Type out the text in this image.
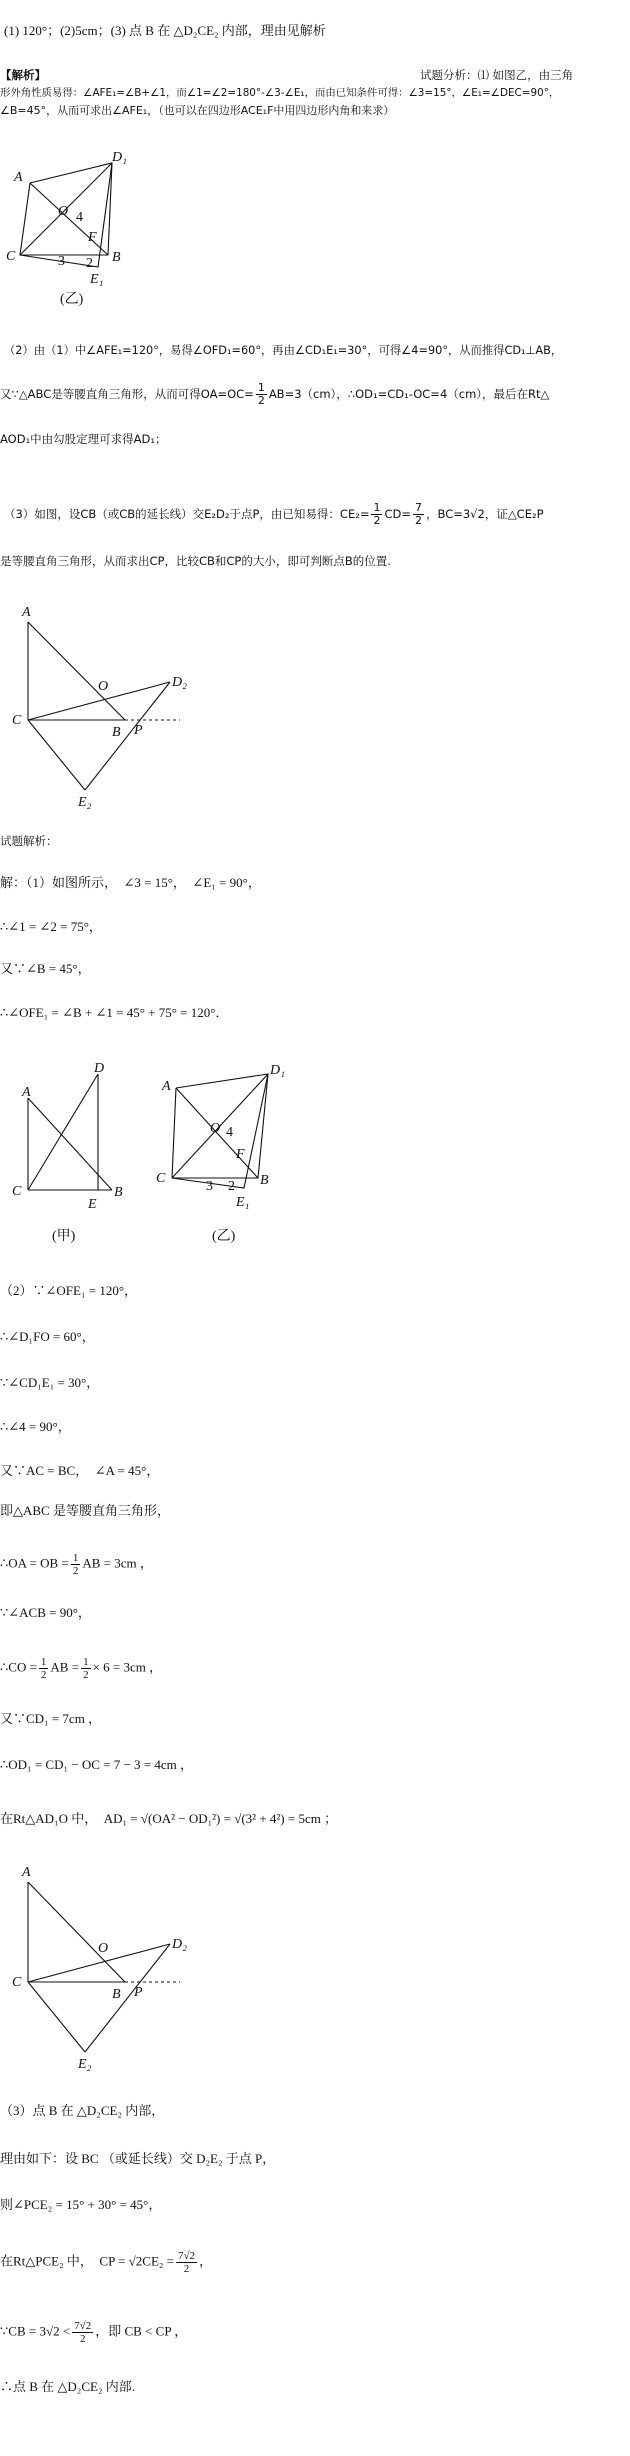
(1) 120°；(2)5cm；(3) 点 B 在 △D₂CE₂ 内部，理由见解析
【解析】	试题分析：⑴ 如图乙，由三角
形外角性质易得：∠AFE₁=∠B+∠1，而∠1=∠2=180°-∠3-∠E₁，而由已知条件可得：∠3=15°，∠E₁=∠DEC=90°，
∠B=45°，从而可求出∠AFE₁，（也可以在四边形ACE₁F中用四边形内角和来求）
A
D₁
O 4
F
C	B
3 2
E₁
(乙)
（2）由（1）中∠AFE₁=120°，易得∠OFD₁=60°，再由∠CD₁E₁=30°，可得∠4=90°，从而推得CD₁⊥AB，
又∵△ABC是等腰直角三角形，从而可得$OA=OC= \frac{1}{2} AB=3(cm)$，∴OD₁=CD₁-OC=4（cm），最后在Rt△
AOD₁中由勾股定理可求得AD₁；
（3）如图，设CB（或CB的延长线）交E₂D₂于点P，由已知易得：$CE_2= \frac{1}{2} CD= \frac{7}{2}$ ，BC=3√2，证△CE₂P
是等腰直角三角形，从而求出CP，比较CB和CP的大小，即可判断点B的位置.
A
O	D₂
C
B P
E₂
试题解析：
解：（1）如图所示，　∠3 = 15°，　∠E₁ = 90°，
∴∠1 = ∠2 = 75°，
又∵∠B = 45°，
∴∠OFE₁ = ∠B + ∠1 = 45° + 75° = 120°．
D
A
C
E
B
(甲)
A
D₁
O 4
F
C	B
3 2
E₁
(乙)
（2）∵∠OFE₁ = 120°，
∴∠D₁FO = 60°，
∵∠CD₁E₁ = 30°，
∴∠4 = 90°，
又∵AC = BC，　∠A = 45°，
即△ABC 是等腰直角三角形，
∴OA = OB = $\frac{1}{2}$ AB = 3cm ，
∵∠ACB = 90°，
∴CO = $\frac{1}{2}$ AB = $\frac{1}{2} \times 6 = 3cm$ ，
又∵CD₁ = 7cm ，
∴OD₁ = CD₁ − OC = 7 − 3 = 4cm ，
在Rt△AD₁O 中，　AD₁ = √(OA² − OD₁²) = √(3² + 4²) = 5cm ；
A
O	D₂
C
B P
E₂
（3）点 B 在 △D₂CE₂ 内部，
理由如下：设 BC （或延长线）交 D₂E₂ 于点 P，
则∠PCE₂ = 15° + 30° = 45°，
在Rt△PCE₂ 中，　CP = $√2CE_2 = \frac{7√2}{2}$ ，
∵CB = $3√2 < \frac{7√2}{2}$ ，即 CB < CP ，
∴点 B 在 △D₂CE₂ 内部.
